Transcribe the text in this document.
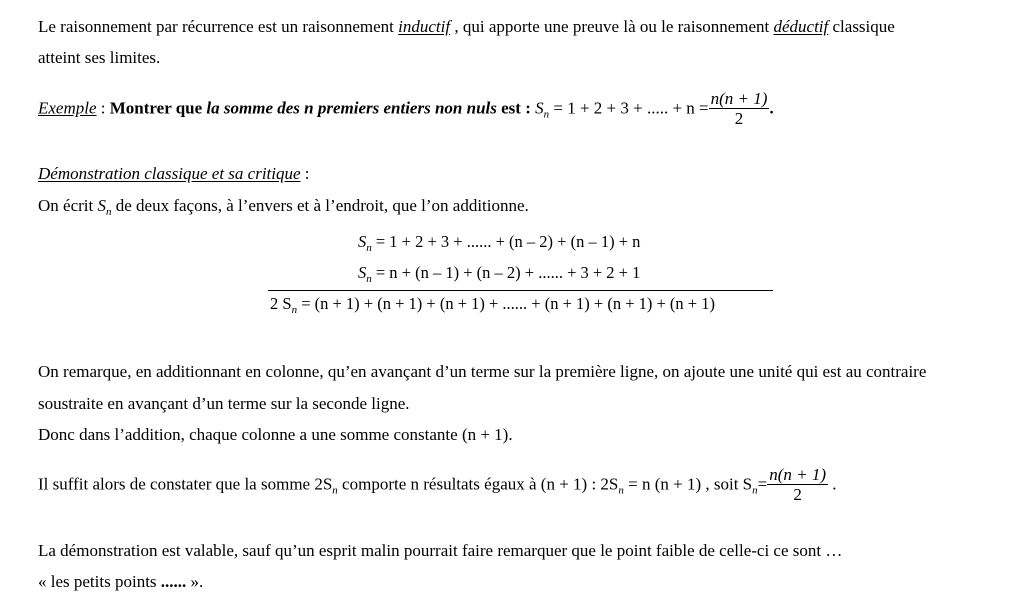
Le raisonnement par récurrence est un raisonnement inductif , qui apporte une preuve là ou le raisonnement déductif classique
atteint ses limites.
Exemple : Montrer que la somme des n premiers entiers non nuls est : $S_n = 1 + 2 + 3$ + ..... + $n = \frac{n(n + 1)}{2}$ .
Démonstration classique et sa critique :
On écrit $S_n$ de deux façons, à l’envers et à l’endroit, que l’on additionne.
$S_n = 1 + 2 + 3$ + ...... + (n – 2) + (n – 1) + n
$S_n = n + (n - 1) + (n - 2)$ + ...... + 3 + 2 + 1
2 $S_n = (n + 1) + (n + 1) + (n + 1)$ + ...... + (n + 1) + (n + 1) + (n + 1)
On remarque, en additionnant en colonne, qu’en avançant d’un terme sur la première ligne, on ajoute une unité qui est au contraire
soustraite en avançant d’un terme sur la seconde ligne.
Donc dans l’addition, chaque colonne a une somme constante (n + 1).
Il suffit alors de constater que la somme $2S_n$ comporte n résultats égaux à (n + 1) : $2S_n = n$ (n + 1) , soit $S_n= \frac{n(n + 1)}{2}$ .
La démonstration est valable, sauf qu’un esprit malin pourrait faire remarquer que le point faible de celle-ci ce sont …
« les petits points ...... ».
